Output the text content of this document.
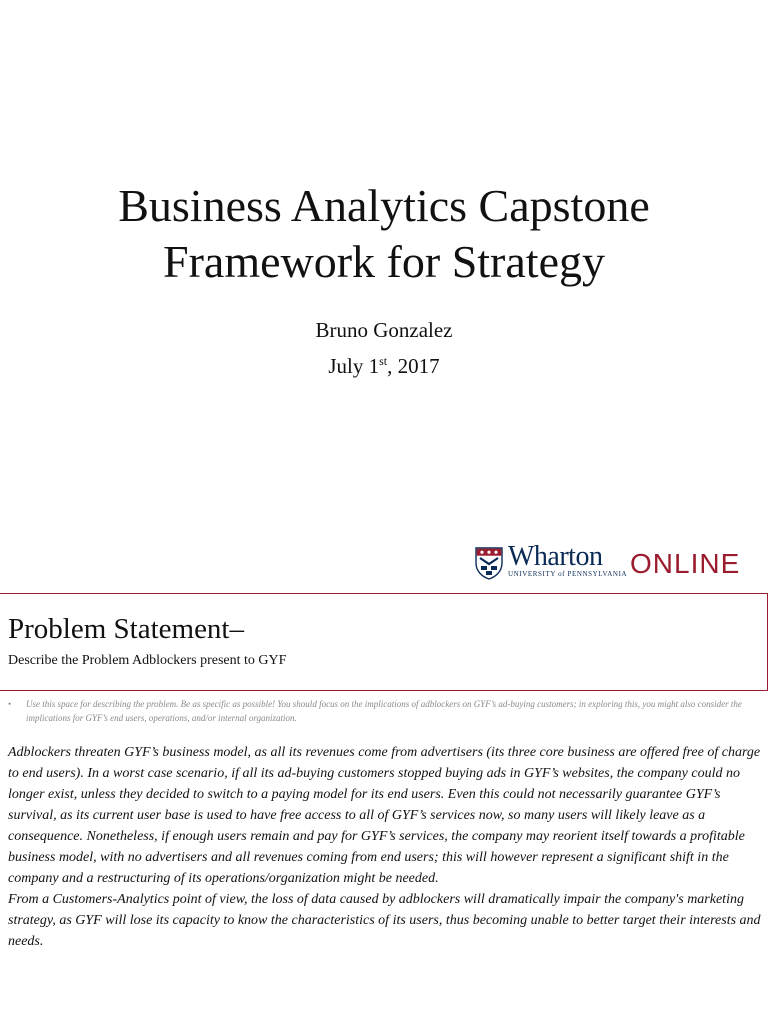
Business Analytics Capstone
Framework for Strategy
Bruno Gonzalez
July 1st, 2017
Wharton
UNIVERSITY of PENNSYLVANIA ONLINE
Problem Statement–
Describe the Problem Adblockers present to GYF
• Use this space for describing the problem. Be as specific as possible! You should focus on the implications of adblockers on GYF’s ad-buying customers; in exploring this, you might also consider the implications for GYF’s end users, operations, and/or internal organization.

Adblockers threaten GYF’s business model, as all its revenues come from advertisers (its three core business are offered free of charge to end users). In a worst case scenario, if all its ad-buying customers stopped buying ads in GYF’s websites, the company could no longer exist, unless they decided to switch to a paying model for its end users. Even this could not necessarily guarantee GYF’s survival, as its current user base is used to have free access to all of GYF’s services now, so many users will likely leave as a consequence. Nonetheless, if enough users remain and pay for GYF’s services, the company may reorient itself towards a profitable business model, with no advertisers and all revenues coming from end users; this will however represent a significant shift in the company and a restructuring of its operations/organization might be needed.

From a Customers-Analytics point of view, the loss of data caused by adblockers will dramatically impair the company's marketing strategy, as GYF will lose its capacity to know the characteristics of its users, thus becoming unable to better target their interests and needs.
